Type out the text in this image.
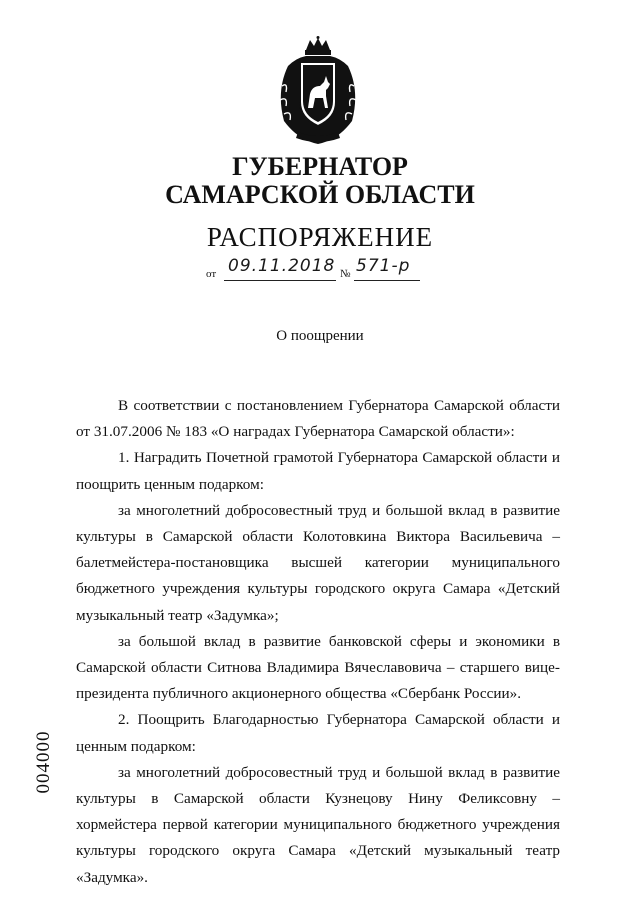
ГУБЕРНАТОР
САМАРСКОЙ ОБЛАСТИ
РАСПОРЯЖЕНИЕ
от 09.11.2018 № 571-р
О поощрении

В соответствии с постановлением Губернатора Самарской области от 31.07.2006 № 183 «О наградах Губернатора Самарской области»:

1. Наградить Почетной грамотой Губернатора Самарской области и поощрить ценным подарком:

за многолетний добросовестный труд и большой вклад в развитие культуры в Самарской области Колотовкина Виктора Васильевича – балетмейстера-постановщика высшей категории муниципального бюджетного учреждения культуры городского округа Самара «Детский музыкальный театр «Задумка»;

за большой вклад в развитие банковской сферы и экономики в Самарской области Ситнова Владимира Вячеславовича – старшего вице-президента публичного акционерного общества «Сбербанк России».

2. Поощрить Благодарностью Губернатора Самарской области и ценным подарком:

за многолетний добросовестный труд и большой вклад в развитие культуры в Самарской области Кузнецову Нину Феликсовну – хормейстера первой категории муниципального бюджетного учреждения культуры городского округа Самара «Детский музыкальный театр «Задумка».

004000
